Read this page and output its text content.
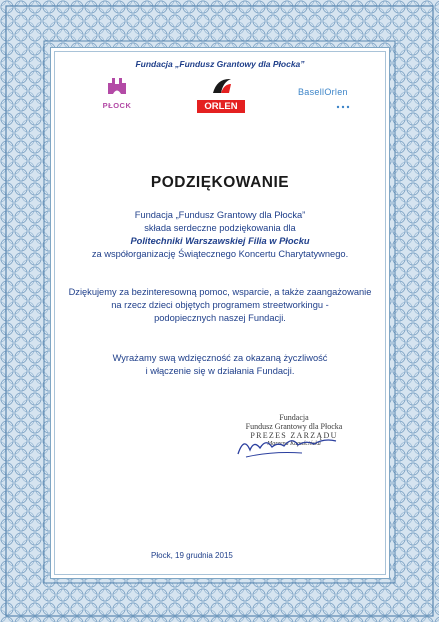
Fundacja „Fundusz Grantowy dla Płocka”
PŁOCK	ORLEN
BasellOrlen
PODZIĘKOWANIE
Fundacja „Fundusz Grantowy dla Płocka”
składa serdeczne podziękowania dla
Politechniki Warszawskiej Filia w Płocku
za współorganizację Świątecznego Koncertu Charytatywnego.
Dziękujemy za bezinteresowną pomoc, wsparcie, a także zaangażowanie
na rzecz dzieci objętych programem streetworkingu -
podopiecznych naszej Fundacji.
Wyrażamy swą wdzięczność za okazaną życzliwość
i włączenie się w działania Fundacji.
Fundacja
Fundusz Grantowy dla Płocka
PREZES ZARZĄDU
Marzena Kapuścińska
Płock, 19 grudnia 2015
